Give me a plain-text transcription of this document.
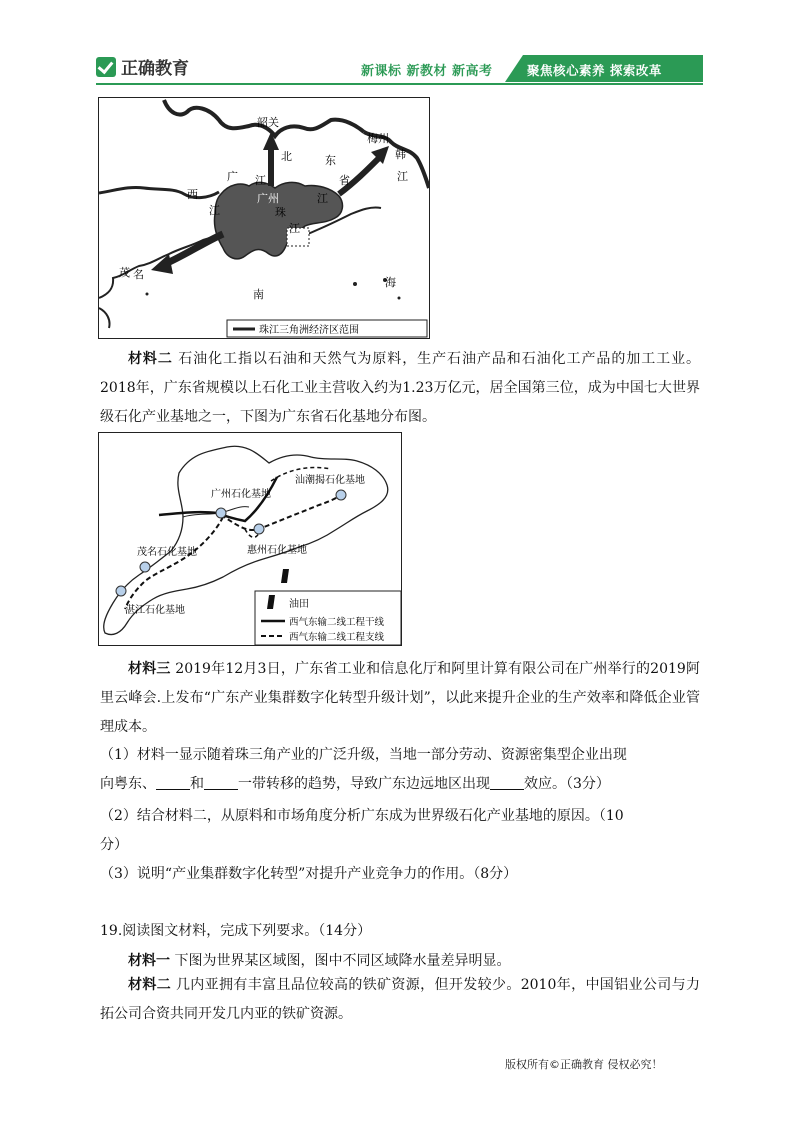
正确教育	新课标 新教材 新高考	聚焦核心素养 探索改革
韶关
梅州
韩
江
北	东
省
广
西
江
江
广州
珠
江
江
茂 名
南
海
珠江三角洲经济区范围
材料二 石油化工指以石油和天然气为原料，生产石油产品和石油化工产品的加工工业。2018年，广东省规模以上石化工业主营收入约为1.23万亿元，居全国第三位，成为中国七大世界级石化产业基地之一，下图为广东省石化基地分布图。
汕潮揭石化基地
广州石化基地
茂名石化基地	惠州石化基地
湛江石化基地
油田
西气东输二线工程干线
西气东输二线工程支线
材料三 2019年12月3日，广东省工业和信息化厅和阿里计算有限公司在广州举行的2019阿里云峰会.上发布“广东产业集群数字化转型升级计划”，以此来提升企业的生产效率和降低企业管理成本。
（1）材料一显示随着珠三角产业的广泛升级，当地一部分劳动、资源密集型企业出现
向粤东、 和 一带转移的趋势，导致广东边远地区出现 效应。（3分）
（2）结合材料二，从原料和市场角度分析广东成为世界级石化产业基地的原因。（10
分）
（3）说明“产业集群数字化转型”对提升产业竞争力的作用。（8分）
19.阅读图文材料，完成下列要求。（14分）
材料一 下图为世界某区域图，图中不同区域降水量差异明显。
材料二 几内亚拥有丰富且品位较高的铁矿资源，但开发较少。2010年，中国铝业公司与力拓公司合资共同开发几内亚的铁矿资源。
版权所有©正确教育 侵权必究！
